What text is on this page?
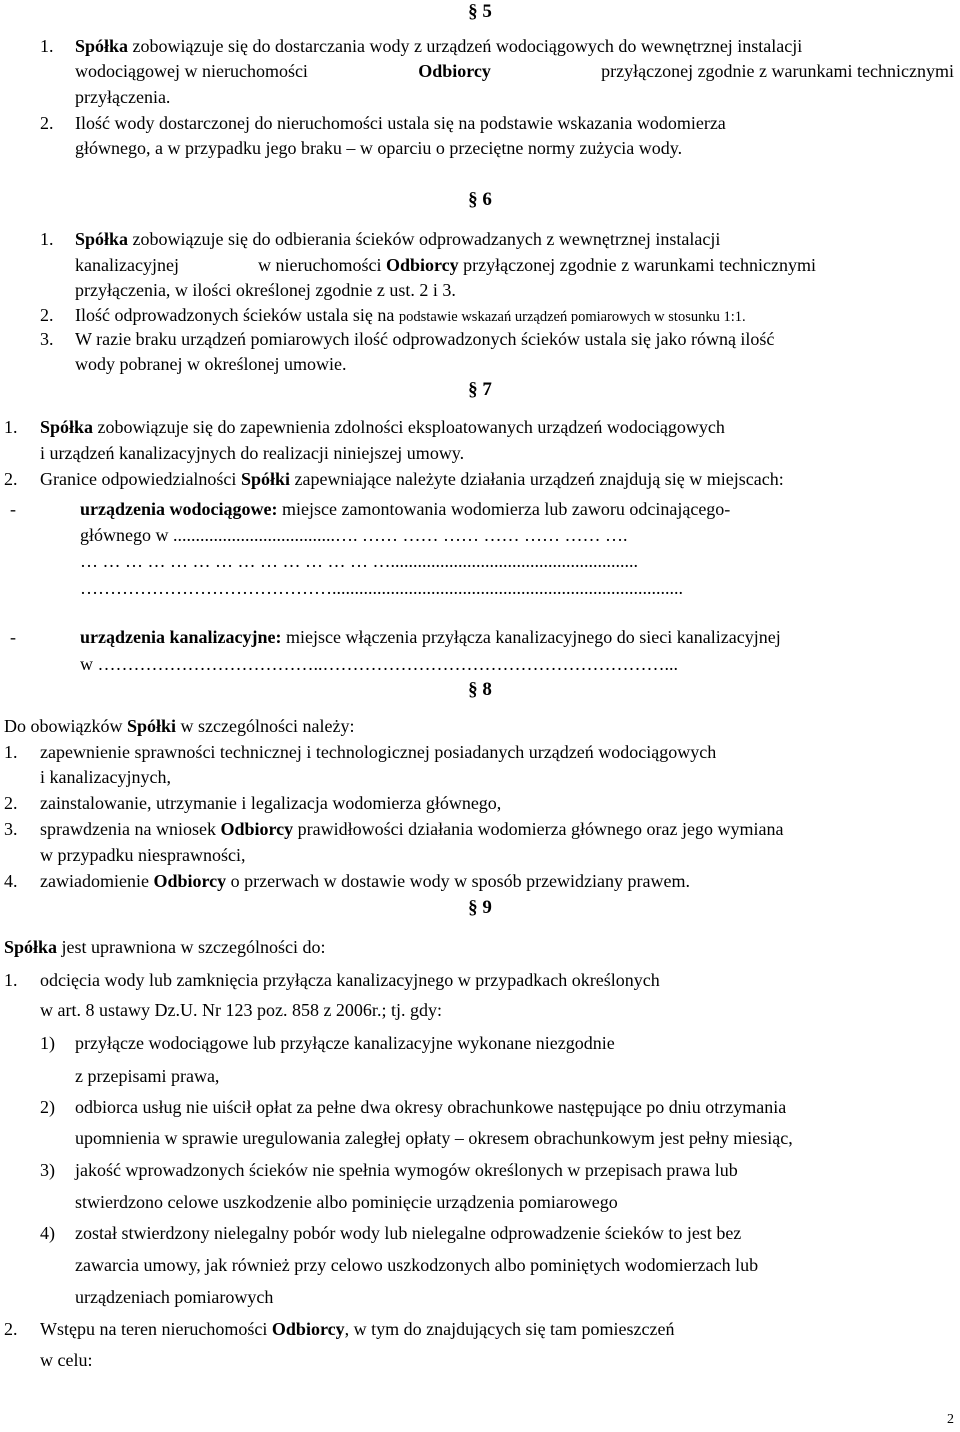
§ 5
1. Spółka zobowiązuje się do dostarczania wody z urządzeń wodociągowych do wewnętrznej instalacji
wodociągowej w nieruchomości	Odbiorcy	przyłączonej zgodnie z warunkami technicznymi
przyłączenia.
2. Ilość wody dostarczonej do nieruchomości ustala się na podstawie wskazania wodomierza
głównego, a w przypadku jego braku – w oparciu o przeciętne normy zużycia wody.
§ 6
1. Spółka zobowiązuje się do odbierania ścieków odprowadzanych z wewnętrznej instalacji
kanalizacyjnej	w nieruchomości Odbiorcy przyłączonej zgodnie z warunkami technicznymi
przyłączenia, w ilości określonej zgodnie z ust. 2 i 3.
2. Ilość odprowadzonych ścieków ustala się na podstawie wskazań urządzeń pomiarowych w stosunku 1:1.
3. W razie braku urządzeń pomiarowych ilość odprowadzonych ścieków ustala się jako równą ilość
wody pobranej w określonej umowie.
§ 7
1. Spółka zobowiązuje się do zapewnienia zdolności eksploatowanych urządzeń wodociągowych
i urządzeń kanalizacyjnych do realizacji niniejszej umowy.
2. Granice odpowiedzialności Spółki zapewniające należyte działania urządzeń znajdują się w miejscach:
-	urządzenia wodociągowe: miejsce zamontowania wodomierza lub zaworu odcinającego-
głównego w ....................................…. …… …… …… …… …… …… ….
… … … … … … … … … … … … … ….......................................................
……………………………………..............................................................................
-	urządzenia kanalizacyjne: miejsce włączenia przyłącza kanalizacyjnego do sieci kanalizacyjnej
w ………………………………..…………………………………………………...
§ 8
Do obowiązków Spółki w szczególności należy:
1. zapewnienie sprawności technicznej i technologicznej posiadanych urządzeń wodociągowych
i kanalizacyjnych,
2. zainstalowanie, utrzymanie i legalizacja wodomierza głównego,
3. sprawdzenia na wniosek Odbiorcy prawidłowości działania wodomierza głównego oraz jego wymiana
w przypadku niesprawności,
4. zawiadomienie Odbiorcy o przerwach w dostawie wody w sposób przewidziany prawem.
§ 9
Spółka jest uprawniona w szczególności do:
1. odcięcia wody lub zamknięcia przyłącza kanalizacyjnego w przypadkach określonych
w art. 8 ustawy Dz.U. Nr 123 poz. 858 z 2006r.; tj. gdy:
1) przyłącze wodociągowe lub przyłącze kanalizacyjne wykonane niezgodnie
z przepisami prawa,
2) odbiorca usług nie uiścił opłat za pełne dwa okresy obrachunkowe następujące po dniu otrzymania
upomnienia w sprawie uregulowania zaległej opłaty – okresem obrachunkowym jest pełny miesiąc,
3) jakość wprowadzonych ścieków nie spełnia wymogów określonych w przepisach prawa lub
stwierdzono celowe uszkodzenie albo pominięcie urządzenia pomiarowego
4) został stwierdzony nielegalny pobór wody lub nielegalne odprowadzenie ścieków to jest bez
zawarcia umowy, jak również przy celowo uszkodzonych albo pominiętych wodomierzach lub
urządzeniach pomiarowych
2. Wstępu na teren nieruchomości Odbiorcy, w tym do znajdujących się tam pomieszczeń
w celu:
2
